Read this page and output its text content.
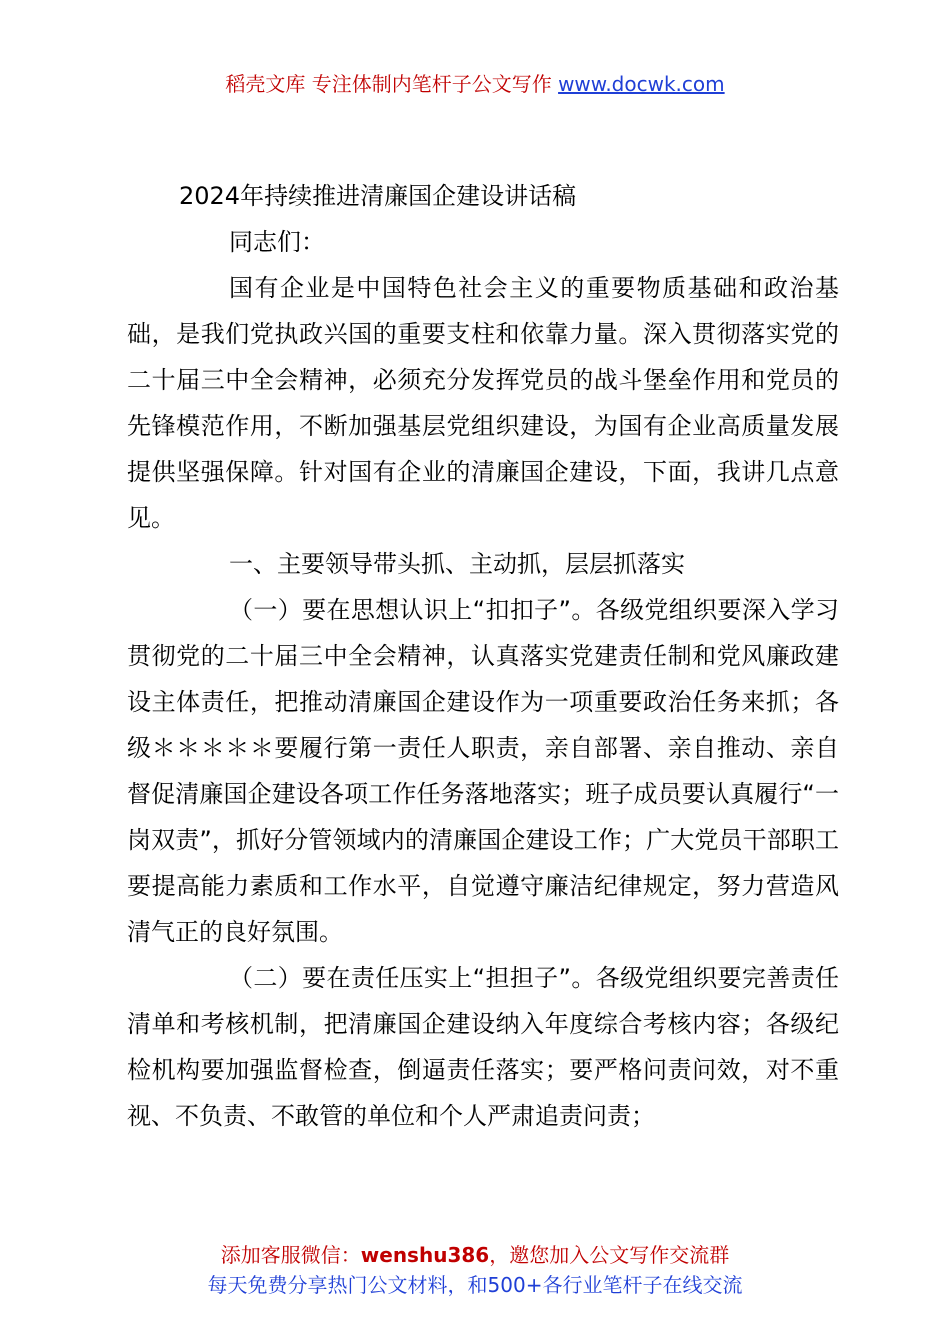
稻壳文库 专注体制内笔杆子公文写作 www.docwk.com

2024年持续推进清廉国企建设讲话稿

同志们：

国有企业是中国特色社会主义的重要物质基础和政治基础，是我们党执政兴国的重要支柱和依靠力量。深入贯彻落实党的二十届三中全会精神，必须充分发挥党员的战斗堡垒作用和党员的先锋模范作用，不断加强基层党组织建设，为国有企业高质量发展提供坚强保障。针对国有企业的清廉国企建设，下面，我讲几点意见。

一、主要领导带头抓、主动抓，层层抓落实

（一）要在思想认识上“扣扣子”。各级党组织要深入学习贯彻党的二十届三中全会精神，认真落实党建责任制和党风廉政建设主体责任，把推动清廉国企建设作为一项重要政治任务来抓；各级＊＊＊＊＊要履行第一责任人职责，亲自部署、亲自推动、亲自督促清廉国企建设各项工作任务落地落实；班子成员要认真履行“一岗双责”，抓好分管领域内的清廉国企建设工作；广大党员干部职工要提高能力素质和工作水平，自觉遵守廉洁纪律规定，努力营造风清气正的良好氛围。

（二）要在责任压实上“担担子”。各级党组织要完善责任清单和考核机制，把清廉国企建设纳入年度综合考核内容；各级纪检机构要加强监督检查，倒逼责任落实；要严格问责问效，对不重视、不负责、不敢管的单位和个人严肃追责问责；

添加客服微信：wenshu386，邀您加入公文写作交流群
每天免费分享热门公文材料，和500+各行业笔杆子在线交流
